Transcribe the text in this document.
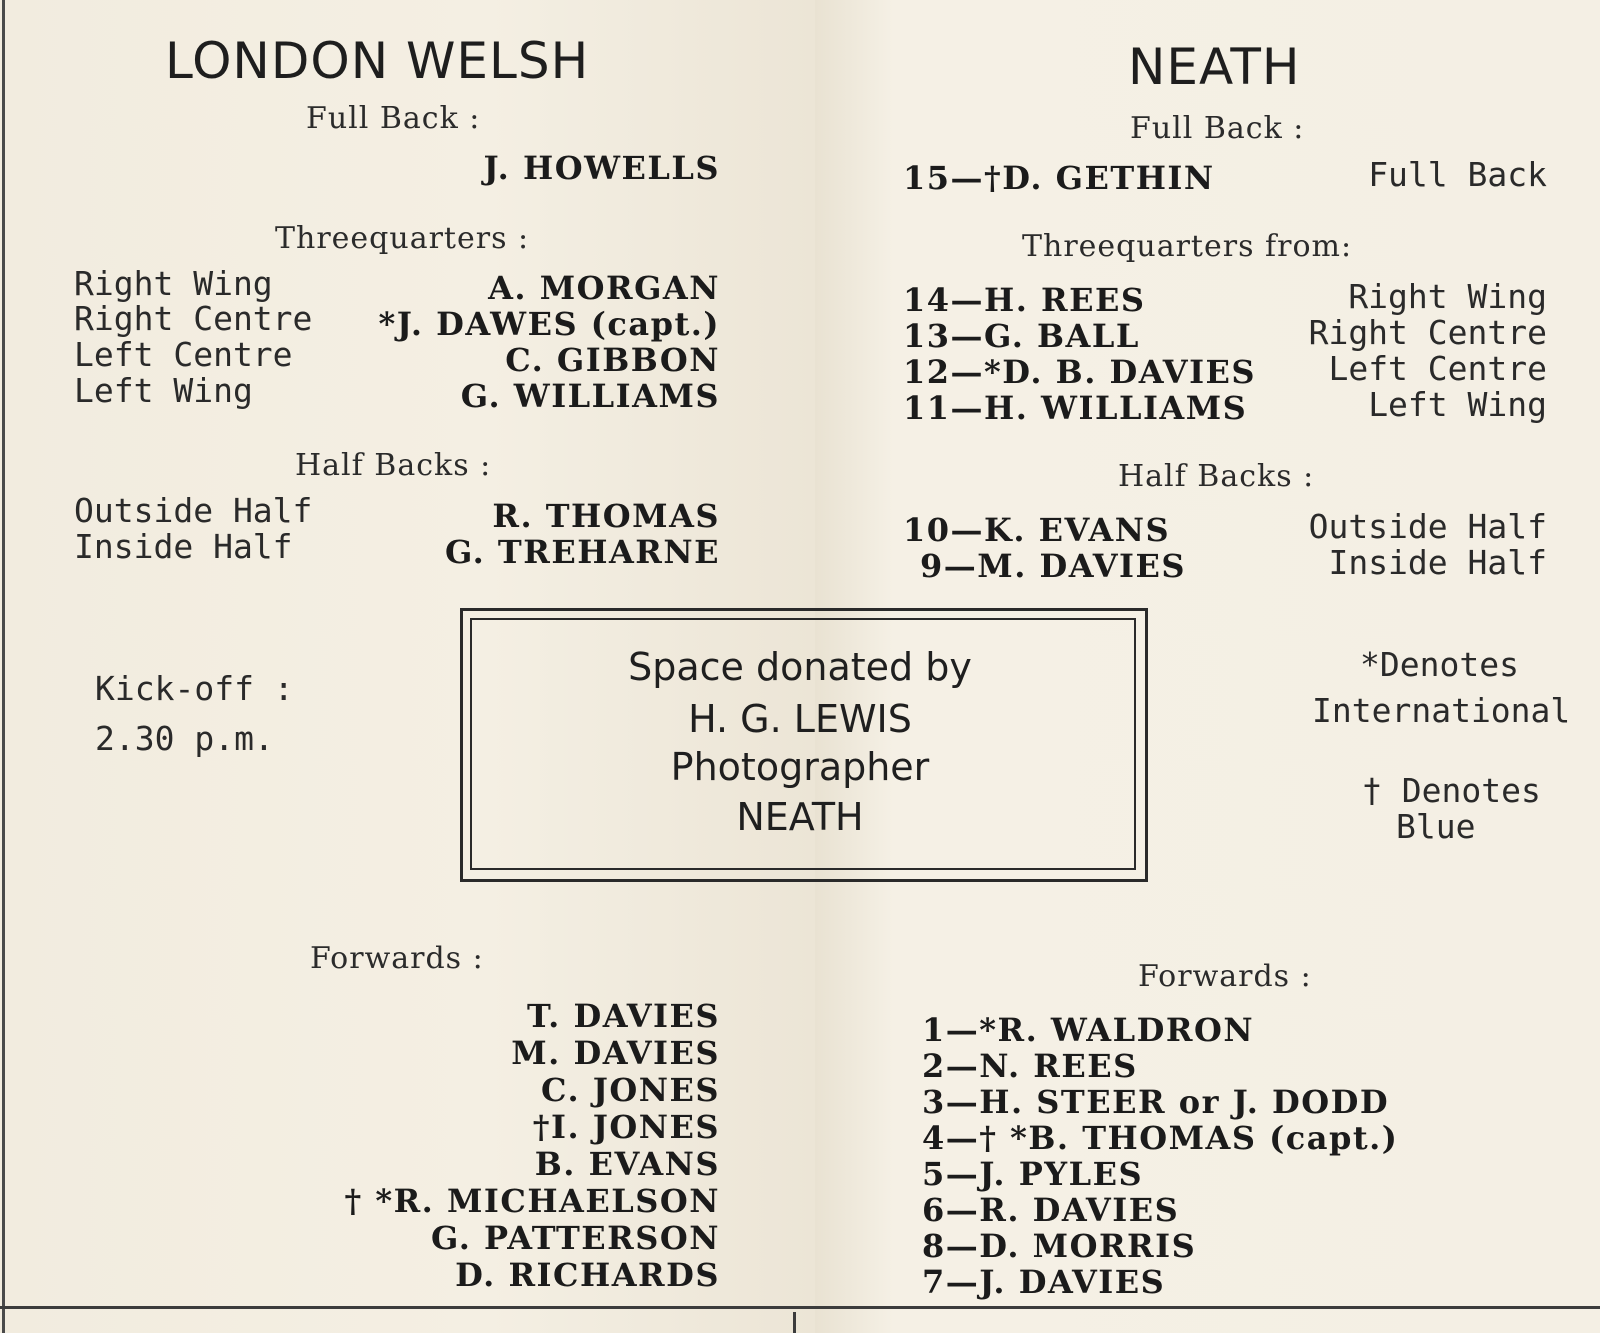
LONDON WELSH
Full Back :
J. HOWELLS
Threequarters :
Right Wing	A. MORGAN
Right Centre *J. DAWES (capt.)
Left Centre	C. GIBBON
Left Wing	G. WILLIAMS
Half Backs :
Outside Half	R. THOMAS
Inside Half	G. TREHARNE
Kick-off :
2.30 p.m.
Forwards :
T. DAVIES
M. DAVIES
C. JONES
†I. JONES
B. EVANS
† *R. MICHAELSON
G. PATTERSON
D. RICHARDS
Space donated by
H. G. LEWIS
Photographer
NEATH
NEATH
Full Back :
15—†D. GETHIN	Full Back
Threequarters from:
14—H. REES	Right Wing
13—G. BALL	Right Centre
12—*D. B. DAVIES Left Centre
11—H. WILLIAMS	Left Wing
Half Backs :
10—K. EVANS	Outside Half
9—M. DAVIES	Inside Half
*Denotes
International
† Denotes
Blue
Forwards :
1—*R. WALDRON
2—N. REES
3—H. STEER or J. DODD
4—† *B. THOMAS (capt.)
5—J. PYLES
6—R. DAVIES
8—D. MORRIS
7—J. DAVIES
